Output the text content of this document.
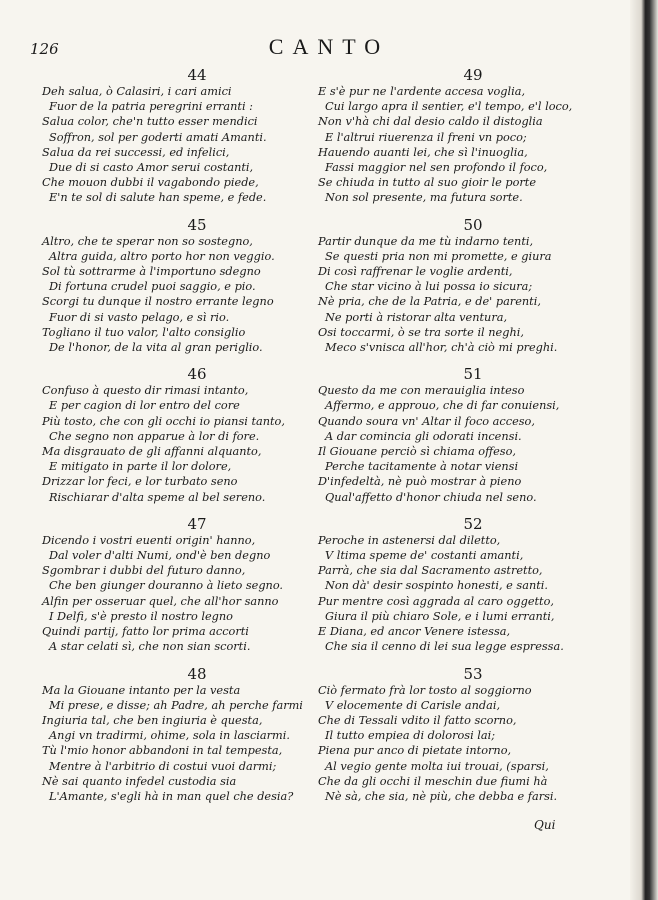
126	CANTO
44
Deh salua, ò Calasiri, i cari amici
Fuor de la patria peregrini erranti :
Salua color, che'n tutto esser mendici
Soffron, sol per goderti amati Amanti.
Salua da rei successi, ed infelici,
Due di si casto Amor serui costanti,
Che mouon dubbi il vagabondo piede,
E'n te sol di salute han speme, e fede.
45
Altro, che te sperar non so sostegno,
Altra guida, altro porto hor non veggio.
Sol tù sottrarme à l'importuno sdegno
Di fortuna crudel puoi saggio, e pio.
Scorgi tu dunque il nostro errante legno
Fuor di si vasto pelago, e sì rio.
Togliano il tuo valor, l'alto consiglio
De l'honor, de la vita al gran periglio.
46
Confuso à questo dir rimasi intanto,
E per cagion di lor entro del core
Più tosto, che con gli occhi io piansi tanto,
Che segno non apparue à lor di fore.
Ma disgrauato de gli affanni alquanto,
E mitigato in parte il lor dolore,
Drizzar lor feci, e lor turbato seno
Rischiarar d'alta speme al bel sereno.
47
Dicendo i vostri euenti origin' hanno,
Dal voler d'alti Numi, ond'è ben degno
Sgombrar i dubbi del futuro danno,
Che ben giunger douranno à lieto segno.
Alfin per osseruar quel, che all'hor sanno
I Delfi, s'è presto il nostro legno
Quindi partij, fatto lor prima accorti
A star celati sì, che non sian scorti.
48
Ma la Giouane intanto per la vesta
Mi prese, e disse; ah Padre, ah perche farmi
Ingiuria tal, che ben ingiuria è questa,
Angi vn tradirmi, ohime, sola in lasciarmi.
Tù l'mio honor abbandoni in tal tempesta,
Mentre à l'arbitrio di costui vuoi darmi;
Nè sai quanto infedel custodia sia
L'Amante, s'egli hà in man quel che desia?
49
E s'è pur ne l'ardente accesa voglia,
Cui largo apra il sentier, e'l tempo, e'l loco,
Non v'hà chi dal desio caldo il distoglia
E l'altrui riuerenza il freni vn poco;
Hauendo auanti lei, che sì l'inuoglia,
Fassi maggior nel sen profondo il foco,
Se chiuda in tutto al suo gioir le porte
Non sol presente, ma futura sorte.
50
Partir dunque da me tù indarno tenti,
Se questi pria non mi promette, e giura
Di così raffrenar le voglie ardenti,
Che star vicino à lui possa io sicura;
Nè pria, che de la Patria, e de' parenti,
Ne porti à ristorar alta ventura,
Osi toccarmi, ò se tra sorte il neghi,
Meco s'vnisca all'hor, ch'à ciò mi preghi.
51
Questo da me con merauiglia inteso
Affermo, e approuo, che di far conuiensi,
Quando soura vn' Altar il foco acceso,
A dar comincia gli odorati incensi.
Il Giouane perciò sì chiama offeso,
Perche tacitamente à notar viensi
D'infedeltà, nè può mostrar à pieno
Qual'affetto d'honor chiuda nel seno.
52
Peroche in astenersi dal diletto,
V ltima speme de' costanti amanti,
Parrà, che sia dal Sacramento astretto,
Non dà' desir sospinto honesti, e santi.
Pur mentre così aggrada al caro oggetto,
Giura il più chiaro Sole, e i lumi erranti,
E Diana, ed ancor Venere istessa,
Che sia il cenno di lei sua legge espressa.
53
Ciò fermato frà lor tosto al soggiorno
V elocemente di Carisle andai,
Che di Tessali vdito il fatto scorno,
Il tutto empiea di dolorosi lai;
Piena pur anco di pietate intorno,
Al vegio gente molta iui trouai, (sparsi,
Che da gli occhi il meschin due fiumi hà
Nè sà, che sia, nè più, che debba e farsi.
Qui
